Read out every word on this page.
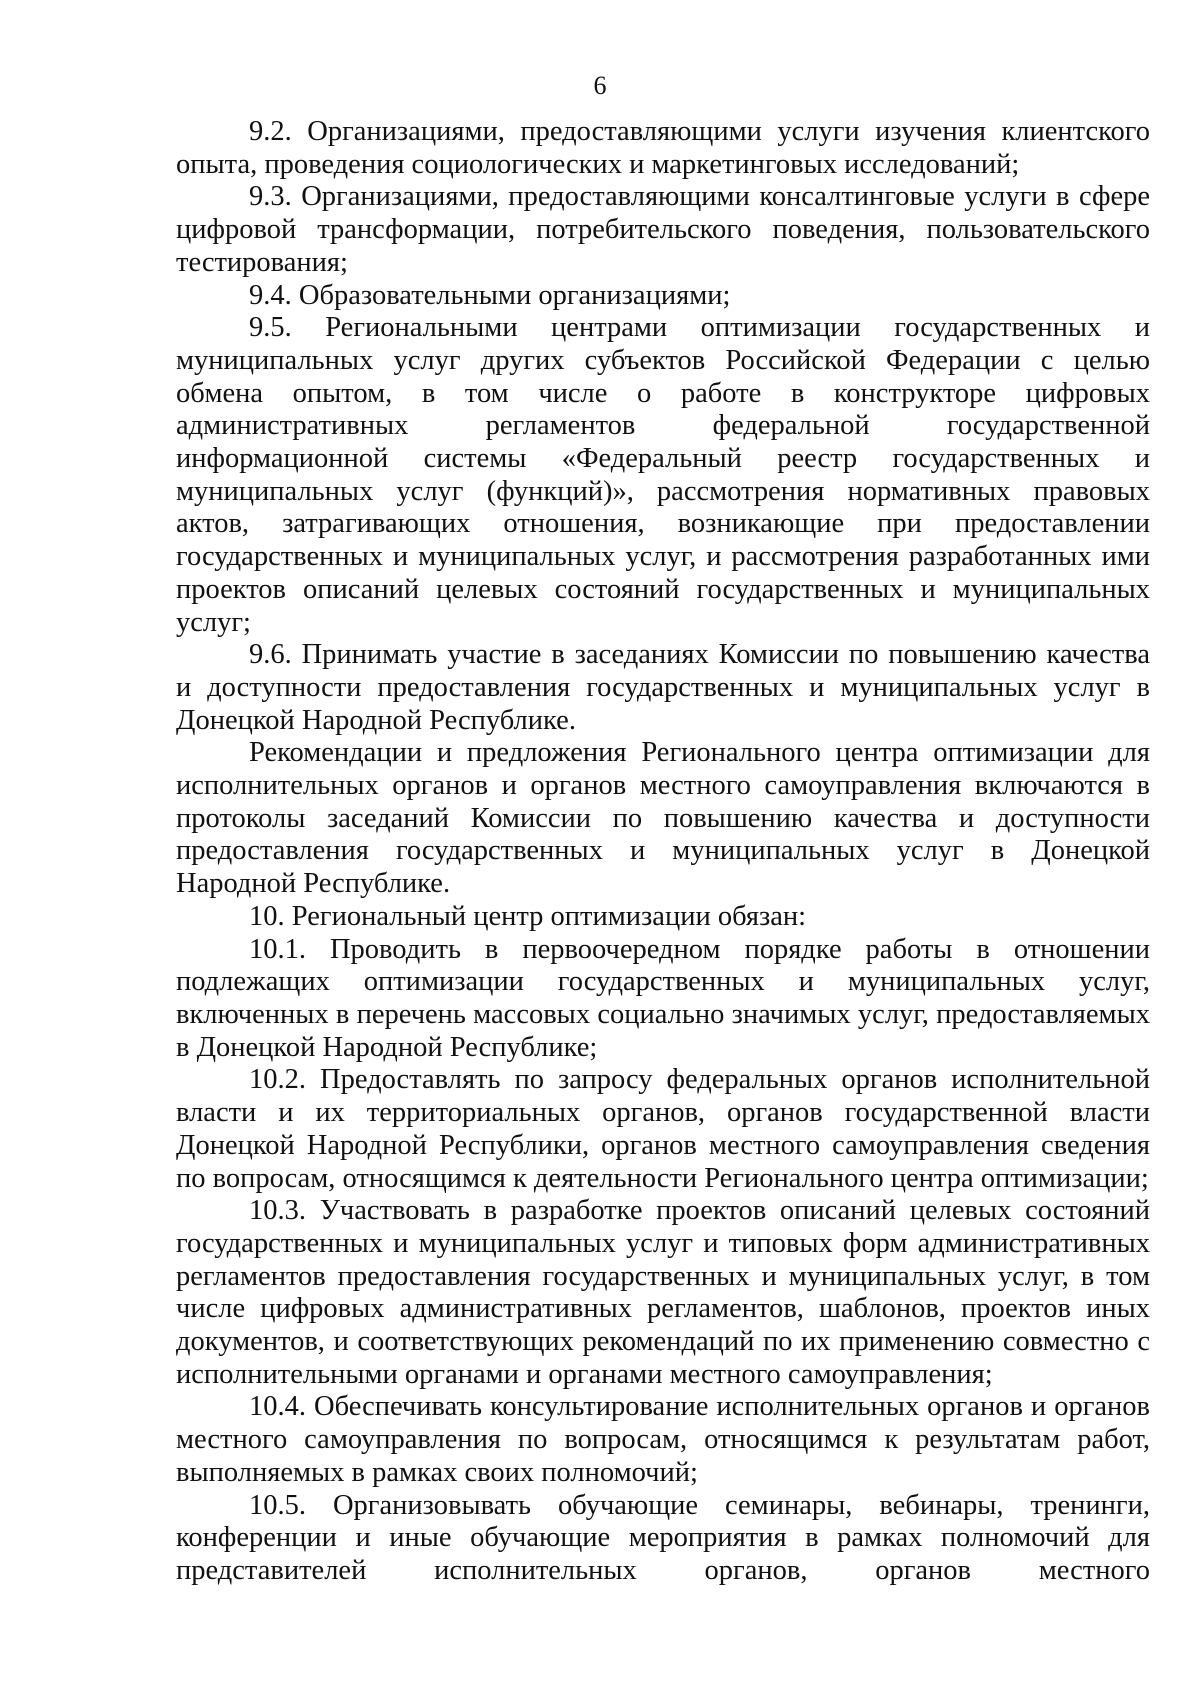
6

9.2. Организациями, предоставляющими услуги изучения клиентского опыта, проведения социологических и маркетинговых исследований;

9.3. Организациями, предоставляющими консалтинговые услуги в сфере цифровой трансформации, потребительского поведения, пользовательского тестирования;

9.4. Образовательными организациями;

9.5. Региональными центрами оптимизации государственных и муниципальных услуг других субъектов Российской Федерации с целью обмена опытом, в том числе о работе в конструкторе цифровых административных регламентов федеральной государственной информационной системы «Федеральный реестр государственных и муниципальных услуг (функций)», рассмотрения нормативных правовых актов, затрагивающих отношения, возникающие при предоставлении государственных и муниципальных услуг, и рассмотрения разработанных ими проектов описаний целевых состояний государственных и муниципальных услуг;

9.6. Принимать участие в заседаниях Комиссии по повышению качества и доступности предоставления государственных и муниципальных услуг в Донецкой Народной Республике.

Рекомендации и предложения Регионального центра оптимизации для исполнительных органов и органов местного самоуправления включаются в протоколы заседаний Комиссии по повышению качества и доступности предоставления государственных и муниципальных услуг в Донецкой Народной Республике.

10. Региональный центр оптимизации обязан:

10.1. Проводить в первоочередном порядке работы в отношении подлежащих оптимизации государственных и муниципальных услуг, включенных в перечень массовых социально значимых услуг, предоставляемых в Донецкой Народной Республике;

10.2. Предоставлять по запросу федеральных органов исполнительной власти и их территориальных органов, органов государственной власти Донецкой Народной Республики, органов местного самоуправления сведения по вопросам, относящимся к деятельности Регионального центра оптимизации;

10.3. Участвовать в разработке проектов описаний целевых состояний государственных и муниципальных услуг и типовых форм административных регламентов предоставления государственных и муниципальных услуг, в том числе цифровых административных регламентов, шаблонов, проектов иных документов, и соответствующих рекомендаций по их применению совместно с исполнительными органами и органами местного самоуправления;

10.4. Обеспечивать консультирование исполнительных органов и органов местного самоуправления по вопросам, относящимся к результатам работ, выполняемых в рамках своих полномочий;

10.5. Организовывать обучающие семинары, вебинары, тренинги, конференции и иные обучающие мероприятия в рамках полномочий для представителей исполнительных органов, органов местного
